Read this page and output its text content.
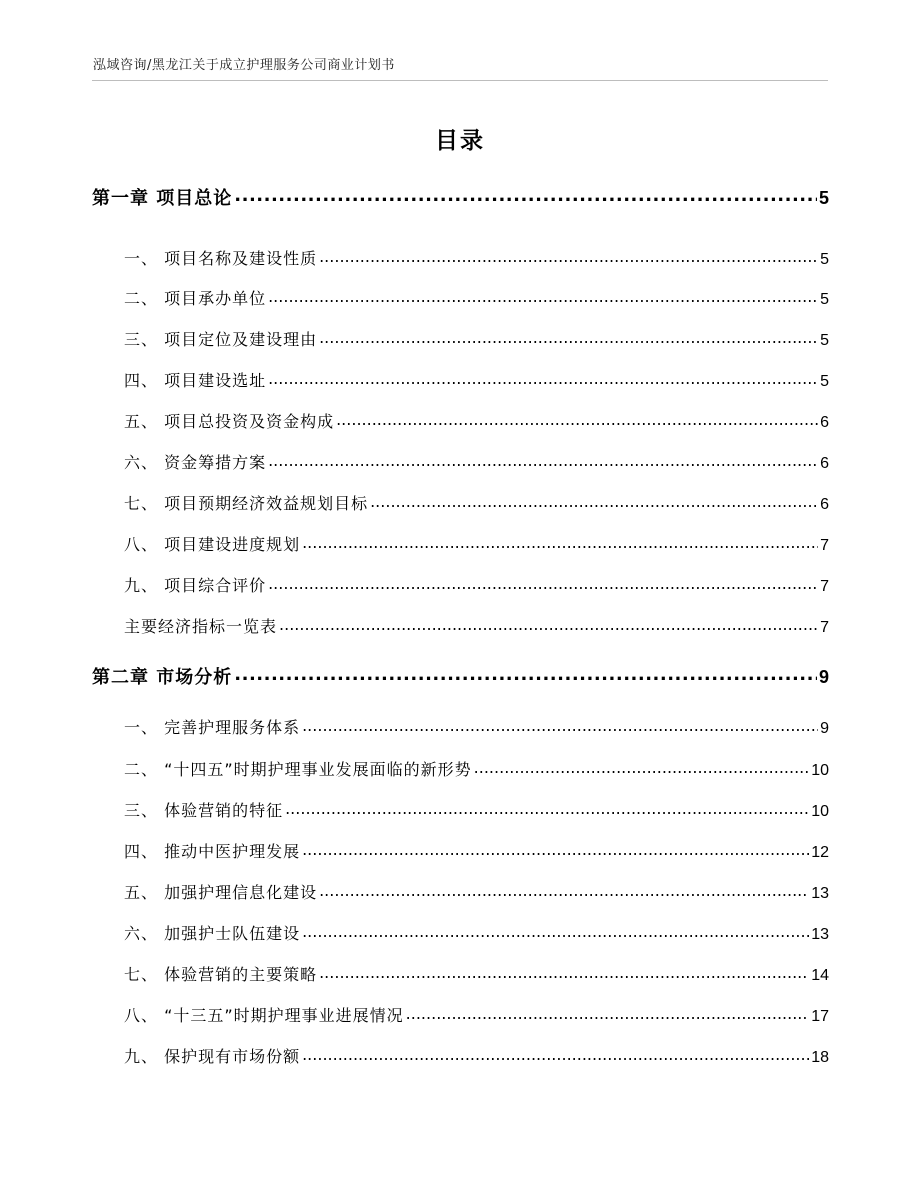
泓域咨询/黑龙江关于成立护理服务公司商业计划书
目录
第一章 项目总论 .....	5
一、 项目名称及建设性质 .....	5
二、 项目承办单位 .....	5
三、 项目定位及建设理由 .....	5
四、 项目建设选址 .....	5
五、 项目总投资及资金构成 .....	6
六、 资金筹措方案 .....	6
七、 项目预期经济效益规划目标 .....	6
八、 项目建设进度规划 .....	7
九、 项目综合评价 .....	7
主要经济指标一览表 .....	7
第二章 市场分析 .....	9
一、 完善护理服务体系 .....	9
二、 “十四五”时期护理事业发展面临的新形势 .....	10
三、 体验营销的特征 .....	10
四、 推动中医护理发展 .....	12
五、 加强护理信息化建设 .....	13
六、 加强护士队伍建设 .....	13
七、 体验营销的主要策略 .....	14
八、 “十三五”时期护理事业进展情况 .....	17
九、 保护现有市场份额 .....	18
